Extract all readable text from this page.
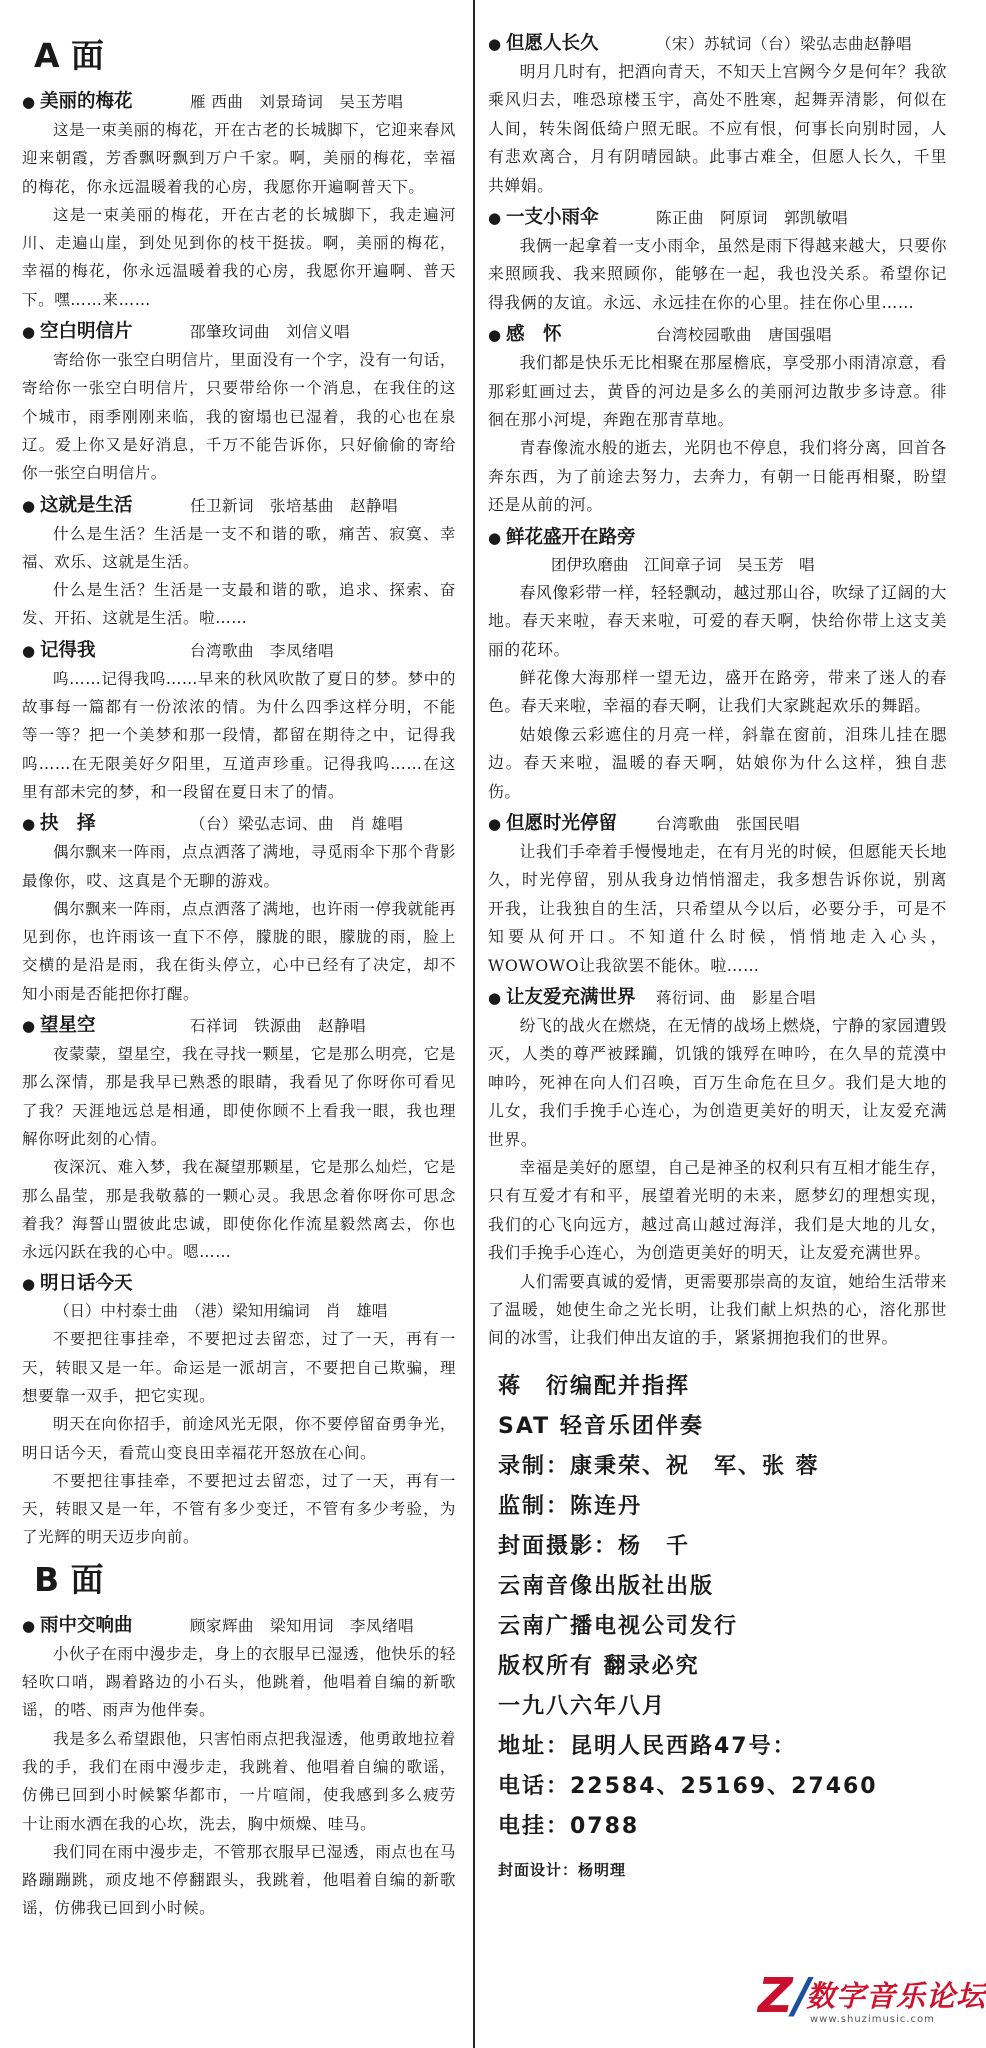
A 面
● 美丽的梅花	雁 西曲　刘景琦词　吴玉芳唱

这是一束美丽的梅花，开在古老的长城脚下，它迎来春风迎来朝霞，芳香飘呀飘到万户千家。啊，美丽的梅花，幸福的梅花，你永远温暖着我的心房，我愿你开遍啊普天下。

这是一束美丽的梅花，开在古老的长城脚下，我走遍河川、走遍山崖，到处见到你的枝干挺拔。啊，美丽的梅花，幸福的梅花，你永远温暖着我的心房，我愿你开遍啊、普天下。嘿……来……

● 空白明信片	邵肇玫词曲　刘信义唱

寄给你一张空白明信片，里面没有一个字，没有一句话，寄给你一张空白明信片，只要带给你一个消息，在我住的这个城市，雨季刚刚来临，我的窗塌也已湿着，我的心也在泉辽。爱上你又是好消息，千万不能告诉你，只好偷偷的寄给你一张空白明信片。

● 这就是生活	任卫新词　张培基曲　赵静唱

什么是生活？生活是一支不和谐的歌，痛苦、寂寞、幸福、欢乐、这就是生活。

什么是生活？生活是一支最和谐的歌，追求、探索、奋发、开拓、这就是生活。啦……

● 记得我	台湾歌曲　李凤绪唱

呜……记得我呜……早来的秋风吹散了夏日的梦。梦中的故事每一篇都有一份浓浓的情。为什么四季这样分明，不能等一等？把一个美梦和那一段情，都留在期待之中，记得我呜……在无限美好夕阳里，互道声珍重。记得我呜……在这里有部未完的梦，和一段留在夏日末了的情。

● 抉　择	（台）梁弘志词、曲　肖 雄唱

偶尔飘来一阵雨，点点洒落了满地，寻觅雨伞下那个背影最像你，哎、这真是个无聊的游戏。

偶尔飘来一阵雨，点点洒落了满地，也许雨一停我就能再见到你，也许雨该一直下不停，朦胧的眼，朦胧的雨，脸上交横的是沿是雨，我在街头停立，心中已经有了决定，却不知小雨是否能把你打醒。

● 望星空	石祥词　铁源曲　赵静唱

夜蒙蒙，望星空，我在寻找一颗星，它是那么明亮，它是那么深情，那是我早已熟悉的眼睛，我看见了你呀你可看见了我？天涯地远总是相通，即使你顾不上看我一眼，我也理解你呀此刻的心情。

夜深沉、难入梦，我在凝望那颗星，它是那么灿烂，它是那么晶莹，那是我敬慕的一颗心灵。我思念着你呀你可思念着我？海誓山盟彼此忠诚，即使你化作流星毅然离去，你也永远闪跃在我的心中。嗯……

● 明日话今天
（日）中村泰士曲　（港）梁知用编词　肖　雄唱

不要把往事挂牵，不要把过去留恋，过了一天，再有一天，转眼又是一年。命运是一派胡言，不要把自己欺骗，理想要靠一双手，把它实现。

明天在向你招手，前途风光无限，你不要停留奋勇争光，明日话今天，看荒山变良田幸福花开怒放在心间。

不要把往事挂牵，不要把过去留恋，过了一天，再有一天，转眼又是一年，不管有多少变迁，不管有多少考验，为了光辉的明天迈步向前。

B 面
● 雨中交响曲	顾家辉曲　梁知用词　李凤绪唱

小伙子在雨中漫步走，身上的衣服早已湿透，他快乐的轻轻吹口哨，踢着路边的小石头，他跳着，他唱着自编的新歌谣，的嗒、雨声为他伴奏。

我是多么希望跟他，只害怕雨点把我湿透，他勇敢地拉着我的手，我们在雨中漫步走，我跳着、他唱着自编的歌谣，仿佛已回到小时候繁华都市，一片喧闹，使我感到多么疲劳十让雨水洒在我的心坎，洗去，胸中烦燥、哇马。

我们同在雨中漫步走，不管那衣服早已湿透，雨点也在马路蹦蹦跳，顽皮地不停翻跟头，我跳着，他唱着自编的新歌谣，仿佛我已回到小时候。

● 但愿人长久	（宋）苏轼词（台）梁弘志曲赵静唱

明月几时有，把酒向青天，不知天上宫阙今夕是何年？我欲乘风归去，唯恐琼楼玉宇，高处不胜寒，起舞弄清影，何似在人间，转朱阁低绮户照无眠。不应有恨，何事长向别时园，人有悲欢离合，月有阴晴园缺。此事古难全，但愿人长久，千里共婵娟。

● 一支小雨伞	陈正曲　阿原词　郭凯敏唱

我俩一起拿着一支小雨伞，虽然是雨下得越来越大，只要你来照顾我、我来照顾你，能够在一起，我也没关系。希望你记得我俩的友谊。永远、永远挂在你的心里。挂在你心里……

● 感　怀	台湾校园歌曲　唐国强唱

我们都是快乐无比相聚在那屋檐底，享受那小雨清凉意，看那彩虹画过去，黄昏的河边是多么的美丽河边散步多诗意。徘徊在那小河堤，奔跑在那青草地。

青春像流水般的逝去，光阴也不停息，我们将分离，回首各奔东西，为了前途去努力，去奔力，有朝一日能再相聚，盼望还是从前的河。

● 鲜花盛开在路旁
　　团伊玖磨曲　江间章子词　吴玉芳　唱

春风像彩带一样，轻轻飘动，越过那山谷，吹绿了辽阔的大地。春天来啦，春天来啦，可爱的春天啊，快给你带上这支美丽的花环。

鲜花像大海那样一望无边，盛开在路旁，带来了迷人的春色。春天来啦，幸福的春天啊，让我们大家跳起欢乐的舞蹈。

姑娘像云彩遮住的月亮一样，斜靠在窗前，泪珠儿挂在腮边。春天来啦，温暖的春天啊，姑娘你为什么这样，独自悲伤。

● 但愿时光停留	台湾歌曲　张国民唱

让我们手牵着手慢慢地走，在有月光的时候，但愿能天长地久，时光停留，别从我身边悄悄溜走，我多想告诉你说，别离开我，让我独自的生活，只希望从今以后，必要分手，可是不知要从何开口。不知道什么时候，悄悄地走入心头，WOWOWO让我欲罢不能休。啦……

● 让友爱充满世界 蒋衍词、曲　影星合唱

纷飞的战火在燃烧，在无情的战场上燃烧，宁静的家园遭毁灭，人类的尊严被蹂躏，饥饿的饿殍在呻吟，在久旱的荒漠中呻吟，死神在向人们召唤，百万生命危在旦夕。我们是大地的儿女，我们手挽手心连心，为创造更美好的明天，让友爱充满世界。

幸福是美好的愿望，自己是神圣的权利只有互相才能生存，只有互爱才有和平，展望着光明的未来，愿梦幻的理想实现，我们的心飞向远方，越过高山越过海洋，我们是大地的儿女，我们手挽手心连心，为创造更美好的明天，让友爱充满世界。

人们需要真诚的爱情，更需要那崇高的友谊，她给生活带来了温暖，她使生命之光长明，让我们献上炽热的心，溶化那世间的冰雪，让我们伸出友谊的手，紧紧拥抱我们的世界。

蒋　衍编配并指挥
SAT 轻音乐团伴奏
录制：康秉荣、祝　军、张 蓉
监制：陈连丹
封面摄影：杨　千
云南音像出版社出版
云南广播电视公司发行
版权所有 翻录必究
一九八六年八月
地址：昆明人民西路47号：
电话：22584、25169、27460
电挂：0788
封面设计：杨明理
Z/
数字音乐论坛
www.shuzimusic.com
